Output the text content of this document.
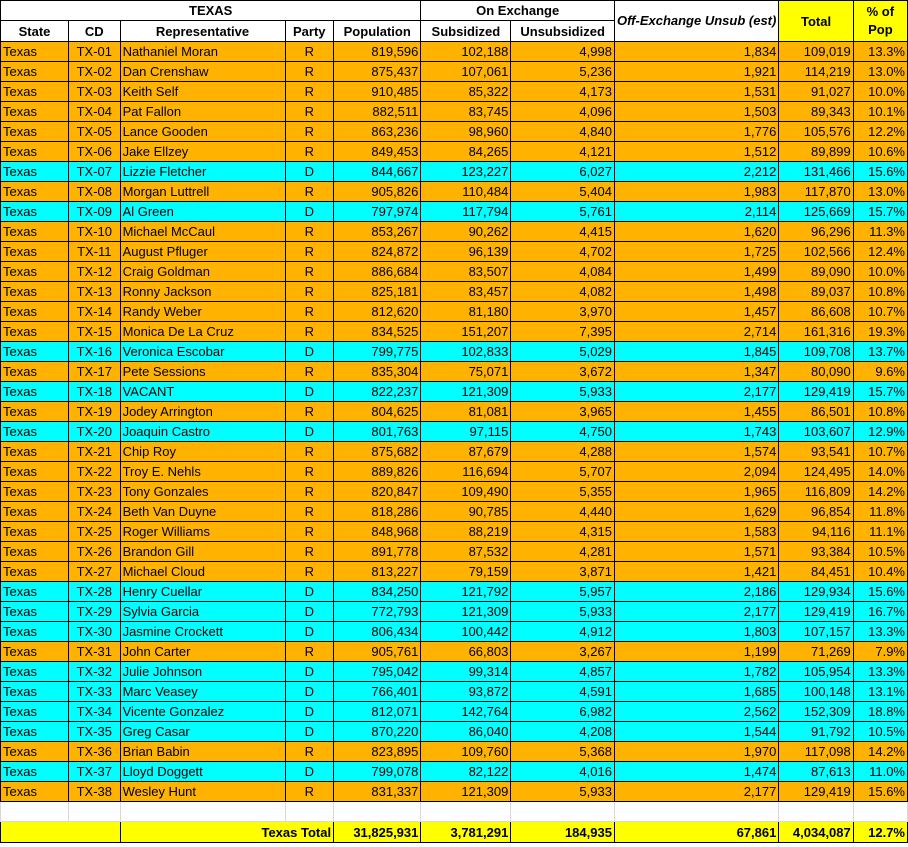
TEXAS					On Exchange		Off-Exchange Unsub (est)	Total	% of Pop
State	CD	Representative	Party	Population	Subsidized	Unsubsidized			
Texas	TX-01	Nathaniel Moran	R	819,596	102,188	4,998	1,834	109,019	13.3%
Texas	TX-02	Dan Crenshaw	R	875,437	107,061	5,236	1,921	114,219	13.0%
Texas	TX-03	Keith Self	R	910,485	85,322	4,173	1,531	91,027	10.0%
Texas	TX-04	Pat Fallon	R	882,511	83,745	4,096	1,503	89,343	10.1%
Texas	TX-05	Lance Gooden	R	863,236	98,960	4,840	1,776	105,576	12.2%
Texas	TX-06	Jake Ellzey	R	849,453	84,265	4,121	1,512	89,899	10.6%
Texas	TX-07	Lizzie Fletcher	D	844,667	123,227	6,027	2,212	131,466	15.6%
Texas	TX-08	Morgan Luttrell	R	905,826	110,484	5,404	1,983	117,870	13.0%
Texas	TX-09	Al Green	D	797,974	117,794	5,761	2,114	125,669	15.7%
Texas	TX-10	Michael McCaul	R	853,267	90,262	4,415	1,620	96,296	11.3%
Texas	TX-11	August Pfluger	R	824,872	96,139	4,702	1,725	102,566	12.4%
Texas	TX-12	Craig Goldman	R	886,684	83,507	4,084	1,499	89,090	10.0%
Texas	TX-13	Ronny Jackson	R	825,181	83,457	4,082	1,498	89,037	10.8%
Texas	TX-14	Randy Weber	R	812,620	81,180	3,970	1,457	86,608	10.7%
Texas	TX-15	Monica De La Cruz	R	834,525	151,207	7,395	2,714	161,316	19.3%
Texas	TX-16	Veronica Escobar	D	799,775	102,833	5,029	1,845	109,708	13.7%
Texas	TX-17	Pete Sessions	R	835,304	75,071	3,672	1,347	80,090	9.6%
Texas	TX-18	VACANT	D	822,237	121,309	5,933	2,177	129,419	15.7%
Texas	TX-19	Jodey Arrington	R	804,625	81,081	3,965	1,455	86,501	10.8%
Texas	TX-20	Joaquin Castro	D	801,763	97,115	4,750	1,743	103,607	12.9%
Texas	TX-21	Chip Roy	R	875,682	87,679	4,288	1,574	93,541	10.7%
Texas	TX-22	Troy E. Nehls	R	889,826	116,694	5,707	2,094	124,495	14.0%
Texas	TX-23	Tony Gonzales	R	820,847	109,490	5,355	1,965	116,809	14.2%
Texas	TX-24	Beth Van Duyne	R	818,286	90,785	4,440	1,629	96,854	11.8%
Texas	TX-25	Roger Williams	R	848,968	88,219	4,315	1,583	94,116	11.1%
Texas	TX-26	Brandon Gill	R	891,778	87,532	4,281	1,571	93,384	10.5%
Texas	TX-27	Michael Cloud	R	813,227	79,159	3,871	1,421	84,451	10.4%
Texas	TX-28	Henry Cuellar	D	834,250	121,792	5,957	2,186	129,934	15.6%
Texas	TX-29	Sylvia Garcia	D	772,793	121,309	5,933	2,177	129,419	16.7%
Texas	TX-30	Jasmine Crockett	D	806,434	100,442	4,912	1,803	107,157	13.3%
Texas	TX-31	John Carter	R	905,761	66,803	3,267	1,199	71,269	7.9%
Texas	TX-32	Julie Johnson	D	795,042	99,314	4,857	1,782	105,954	13.3%
Texas	TX-33	Marc Veasey	D	766,401	93,872	4,591	1,685	100,148	13.1%
Texas	TX-34	Vicente Gonzalez	D	812,071	142,764	6,982	2,562	152,309	18.8%
Texas	TX-35	Greg Casar	D	870,220	86,040	4,208	1,544	91,792	10.5%
Texas	TX-36	Brian Babin	R	823,895	109,760	5,368	1,970	117,098	14.2%
Texas	TX-37	Lloyd Doggett	D	799,078	82,122	4,016	1,474	87,613	11.0%
Texas	TX-38	Wesley Hunt	R	831,337	121,309	5,933	2,177	129,419	15.6%

		Texas Total		31,825,931	3,781,291	184,935	67,861	4,034,087	12.7%
